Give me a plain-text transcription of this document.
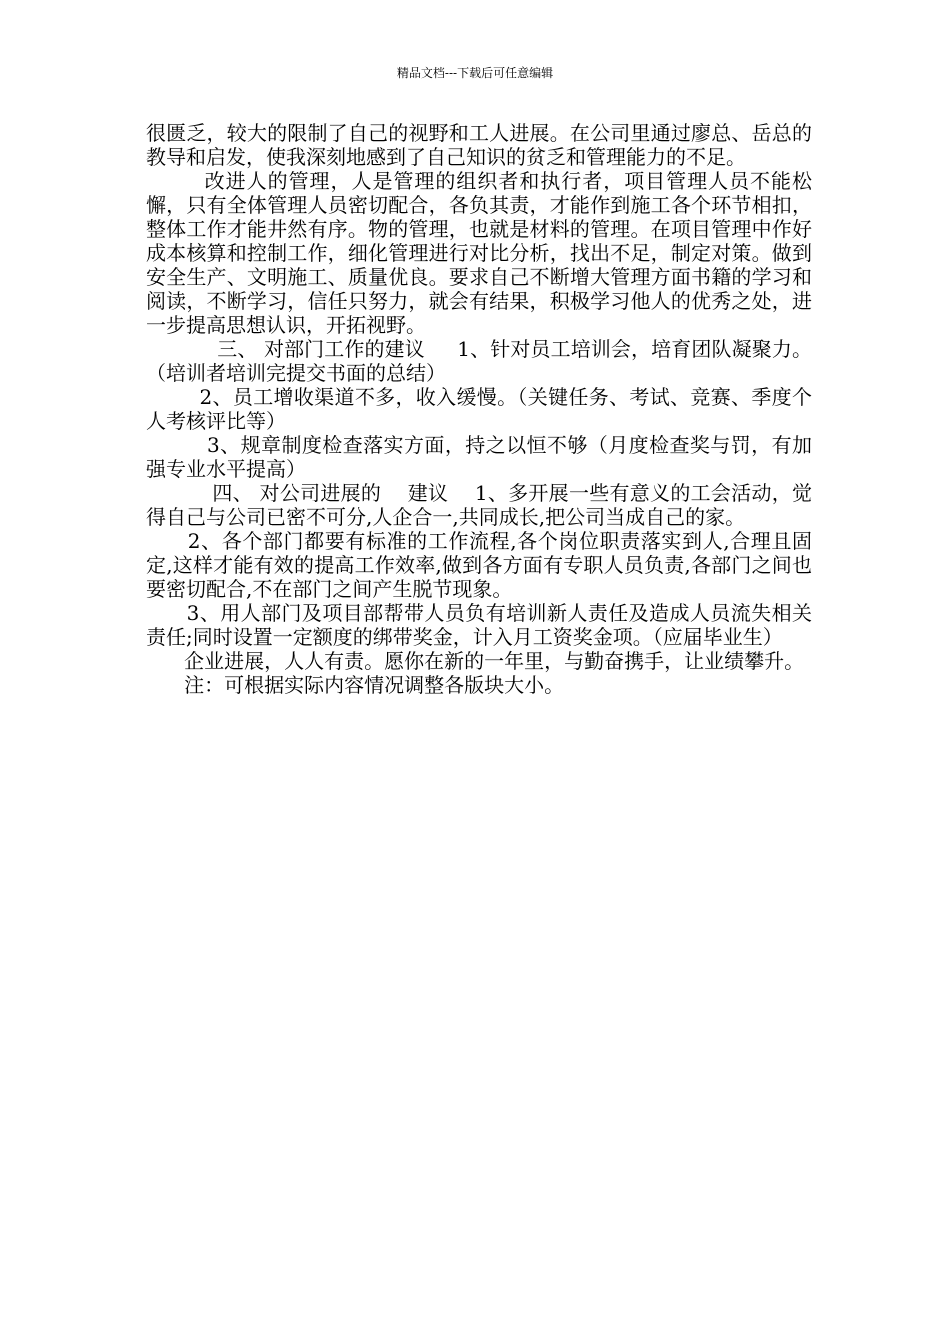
精品文档---下载后可任意编辑

很匮乏，较大的限制了自己的视野和工人进展。在公司里通过廖总、岳总的教导和启发，使我深刻地感到了自己知识的贫乏和管理能力的不足。

改进人的管理，人是管理的组织者和执行者，项目管理人员不能松懈，只有全体管理人员密切配合，各负其责，才能作到施工各个环节相扣，整体工作才能井然有序。物的管理，也就是材料的管理。在项目管理中作好成本核算和控制工作，细化管理进行对比分析，找出不足，制定对策。做到安全生产、文明施工、质量优良。要求自己不断增大管理方面书籍的学习和阅读，不断学习，信任只努力，就会有结果，积极学习他人的优秀之处，进一步提高思想认识，开拓视野。

三、 对部门工作的建议     1、针对员工培训会，培育团队凝聚力。（培训者培训完提交书面的总结）

2、员工增收渠道不多，收入缓慢。（关键任务、考试、竞赛、季度个人考核评比等）

3、规章制度检查落实方面，持之以恒不够（月度检查奖与罚，有加强专业水平提高）

四、 对公司进展的    建议    1、多开展一些有意义的工会活动，觉得自己与公司已密不可分,人企合一,共同成长,把公司当成自己的家。

2、各个部门都要有标准的工作流程,各个岗位职责落实到人,合理且固定,这样才能有效的提高工作效率,做到各方面有专职人员负责,各部门之间也要密切配合,不在部门之间产生脱节现象。

3、用人部门及项目部帮带人员负有培训新人责任及造成人员流失相关责任;同时设置一定额度的绑带奖金，计入月工资奖金项。（应届毕业生）

企业进展，人人有责。愿你在新的一年里，与勤奋携手，让业绩攀升。

注：可根据实际内容情况调整各版块大小。
